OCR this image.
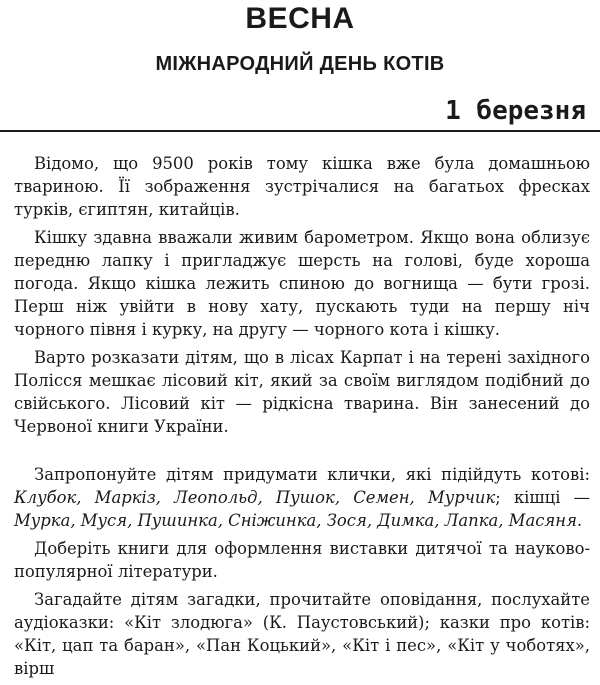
ВЕСНА
МІЖНАРОДНИЙ ДЕНЬ КОТІВ
1 березня

Відомо, що 9500 років тому кішка вже була домашньою твариною. Її зображення зустрічалися на багатьох фресках турків, єгиптян, китайців.

Кішку здавна вважали живим барометром. Якщо вона облизує передню лапку і пригладжує шерсть на голові, буде хороша погода. Якщо кішка лежить спиною до вогнища — бути грозі. Перш ніж увійти в нову хату, пускають туди на першу ніч чорного півня і курку, на другу — чорного кота і кішку.

Варто розказати дітям, що в лісах Карпат і на терені західного Полісся мешкає лісовий кіт, який за своїм виглядом подібний до свійського. Лісовий кіт — рідкісна тварина. Він занесений до Червоної книги України.

Запропонуйте дітям придумати клички, які підійдуть котові: Клубок, Маркіз, Леопольд, Пушок, Семен, Мурчик; кішці — Мурка, Муся, Пушинка, Сніжинка, Зося, Димка, Лапка, Масяня.

Доберіть книги для оформлення виставки дитячої та науково-популярної літератури.

Загадайте дітям загадки, прочитайте оповідання, послухайте аудіоказки: «Кіт злодюга» (К. Паустовський); казки про котів: «Кіт, цап та баран», «Пан Коцький», «Кіт і пес», «Кіт у чоботях», вірш
